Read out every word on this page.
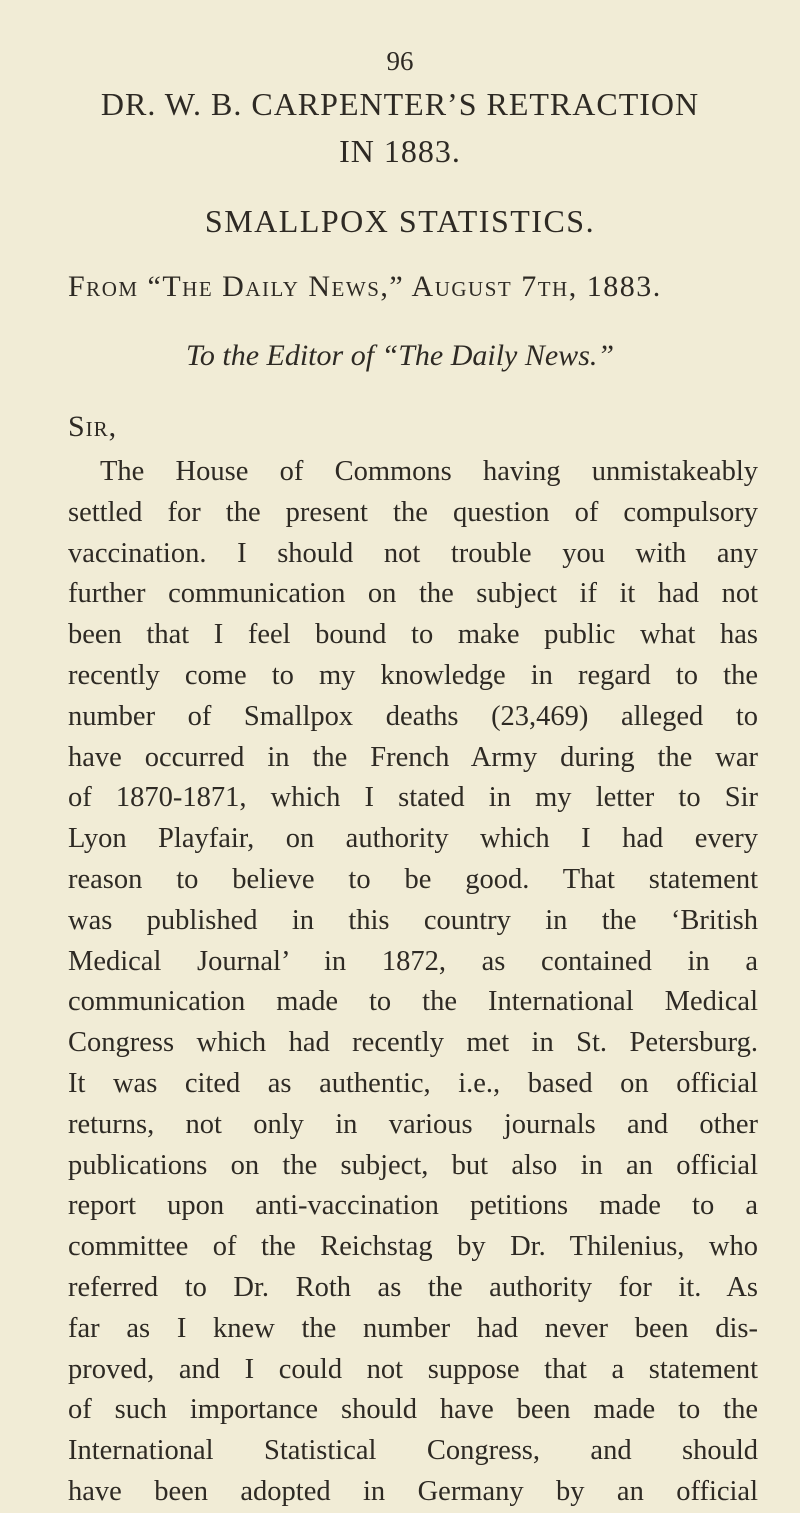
96
DR. W. B. CARPENTER’S RETRACTION
IN 1883.
SMALLPOX STATISTICS.
From “The Daily News,” August 7th, 1883.
To the Editor of “The Daily News.”
Sir,
The House of Commons having unmistakeably
settled for the present the question of compulsory
vaccination. I should not trouble you with any
further communication on the subject if it had not
been that I feel bound to make public what has
recently come to my knowledge in regard to the
number of Smallpox deaths (23,469) alleged to
have occurred in the French Army during the war
of 1870-1871, which I stated in my letter to Sir
Lyon Playfair, on authority which I had every
reason to believe to be good. That statement
was published in this country in the ‘British
Medical Journal’ in 1872, as contained in a
communication made to the International Medical
Congress which had recently met in St. Petersburg.
It was cited as authentic, i.e., based on official
returns, not only in various journals and other
publications on the subject, but also in an official
report upon anti-vaccination petitions made to a
committee of the Reichstag by Dr. Thilenius, who
referred to Dr. Roth as the authority for it. As
far as I knew the number had never been dis-
proved, and I could not suppose that a statement
of such importance should have been made to the
International Statistical Congress, and should
have been adopted in Germany by an official
